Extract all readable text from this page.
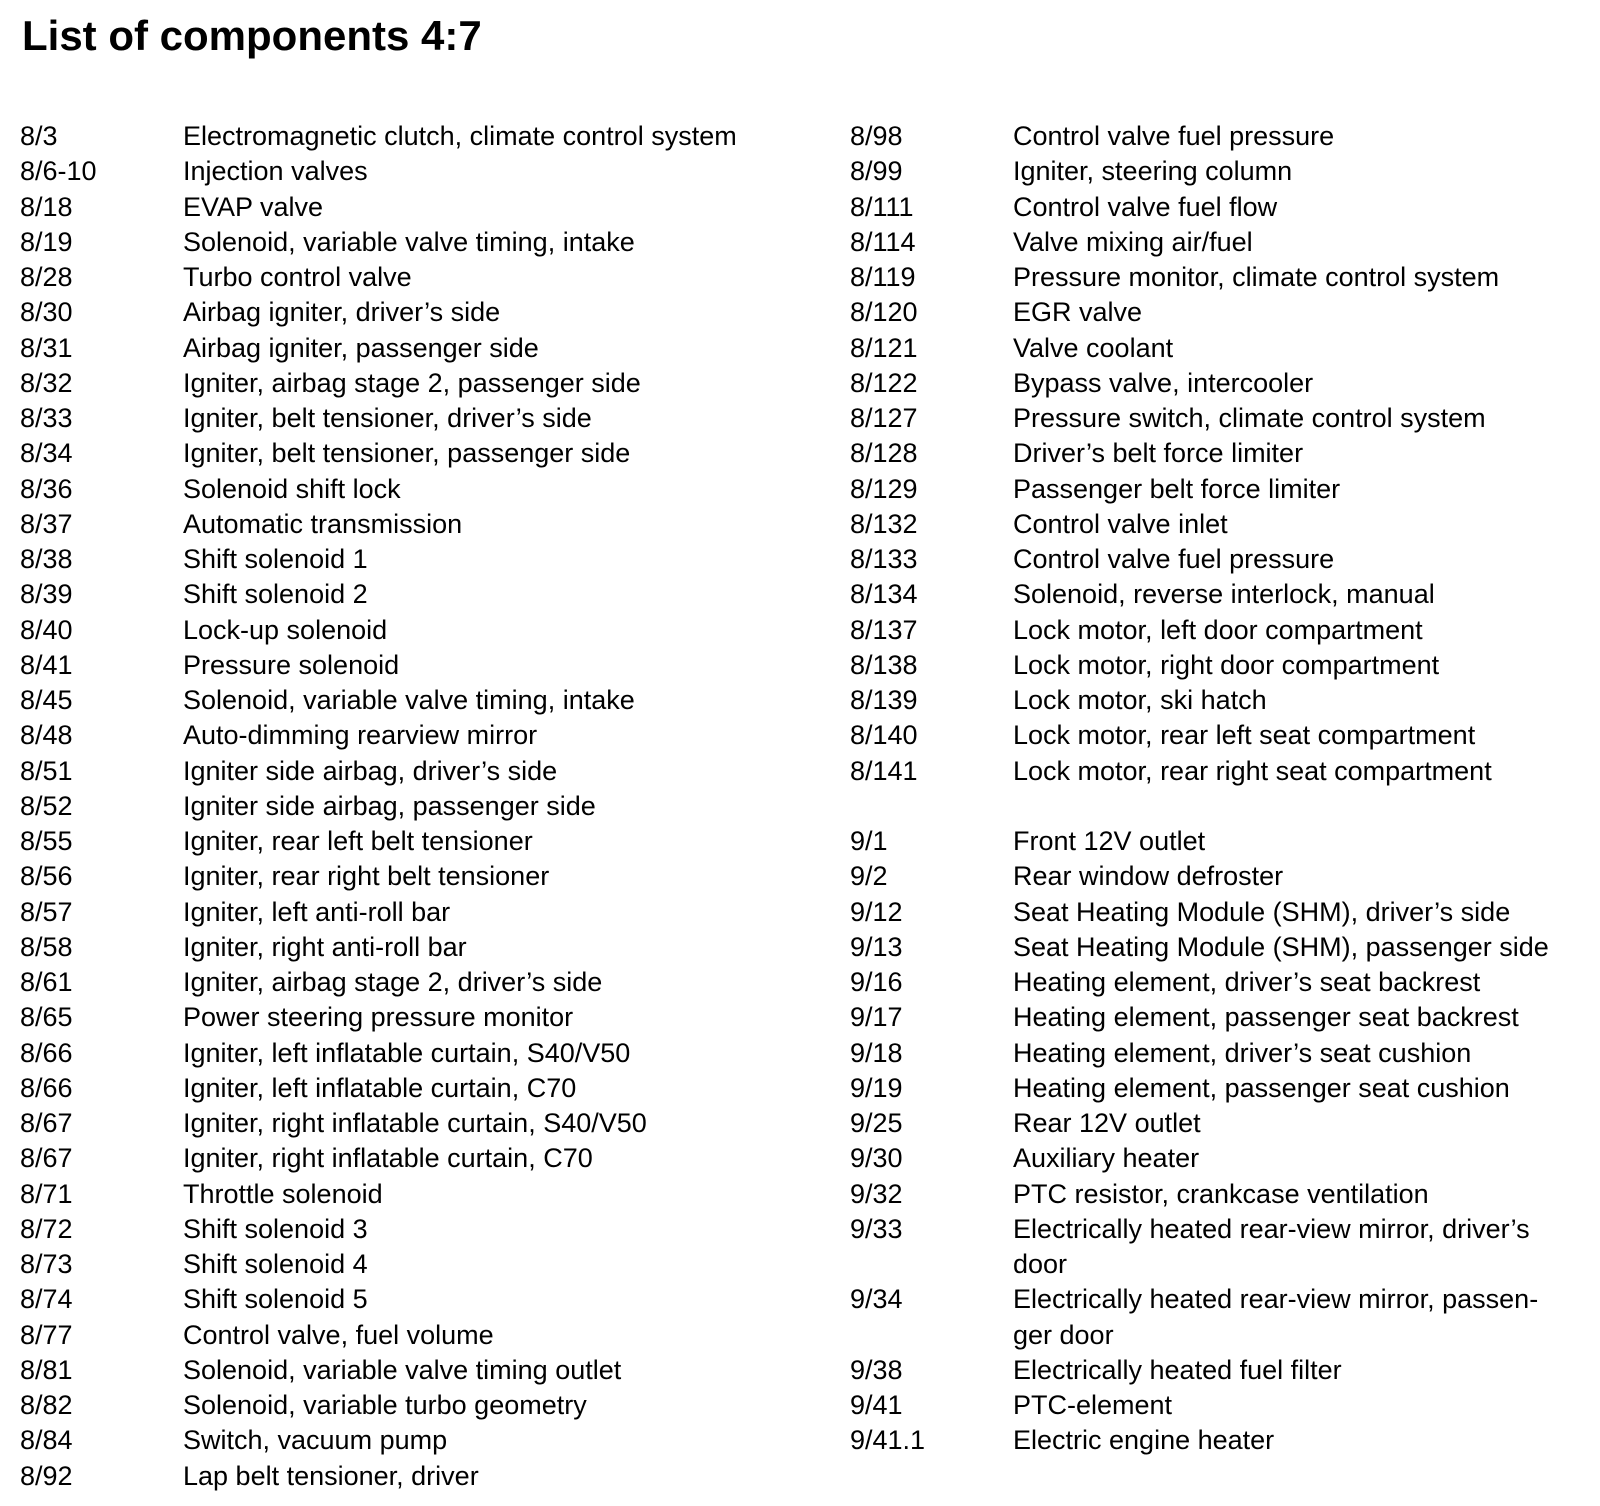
List of components 4:7
8/3	Electromagnetic clutch, climate control system
8/6-10	Injection valves
8/18	EVAP valve
8/19	Solenoid, variable valve timing, intake
8/28	Turbo control valve
8/30	Airbag igniter, driver’s side
8/31	Airbag igniter, passenger side
8/32	Igniter, airbag stage 2, passenger side
8/33	Igniter, belt tensioner, driver’s side
8/34	Igniter, belt tensioner, passenger side
8/36	Solenoid shift lock
8/37	Automatic transmission
8/38	Shift solenoid 1
8/39	Shift solenoid 2
8/40	Lock-up solenoid
8/41	Pressure solenoid
8/45	Solenoid, variable valve timing, intake
8/48	Auto-dimming rearview mirror
8/51	Igniter side airbag, driver’s side
8/52	Igniter side airbag, passenger side
8/55	Igniter, rear left belt tensioner
8/56	Igniter, rear right belt tensioner
8/57	Igniter, left anti-roll bar
8/58	Igniter, right anti-roll bar
8/61	Igniter, airbag stage 2, driver’s side
8/65	Power steering pressure monitor
8/66	Igniter, left inflatable curtain, S40/V50
8/66	Igniter, left inflatable curtain, C70
8/67	Igniter, right inflatable curtain, S40/V50
8/67	Igniter, right inflatable curtain, C70
8/71	Throttle solenoid
8/72	Shift solenoid 3
8/73	Shift solenoid 4
8/74	Shift solenoid 5
8/77	Control valve, fuel volume
8/81	Solenoid, variable valve timing outlet
8/82	Solenoid, variable turbo geometry
8/84	Switch, vacuum pump
8/92	Lap belt tensioner, driver
8/98	Control valve fuel pressure
8/99	Igniter, steering column
8/111	Control valve fuel flow
8/114	Valve mixing air/fuel
8/119	Pressure monitor, climate control system
8/120	EGR valve
8/121	Valve coolant
8/122	Bypass valve, intercooler
8/127	Pressure switch, climate control system
8/128	Driver’s belt force limiter
8/129	Passenger belt force limiter
8/132	Control valve inlet
8/133	Control valve fuel pressure
8/134	Solenoid, reverse interlock, manual
8/137	Lock motor, left door compartment
8/138	Lock motor, right door compartment
8/139	Lock motor, ski hatch
8/140	Lock motor, rear left seat compartment
8/141	Lock motor, rear right seat compartment
9/1	Front 12V outlet
9/2	Rear window defroster
9/12	Seat Heating Module (SHM), driver’s side
9/13	Seat Heating Module (SHM), passenger side
9/16	Heating element, driver’s seat backrest
9/17	Heating element, passenger seat backrest
9/18	Heating element, driver’s seat cushion
9/19	Heating element, passenger seat cushion
9/25	Rear 12V outlet
9/30	Auxiliary heater
9/32	PTC resistor, crankcase ventilation
9/33	Electrically heated rear-view mirror, driver’s door
9/34	Electrically heated rear-view mirror, passen-ger door
9/38	Electrically heated fuel filter
9/41	PTC-element
9/41.1	Electric engine heater
